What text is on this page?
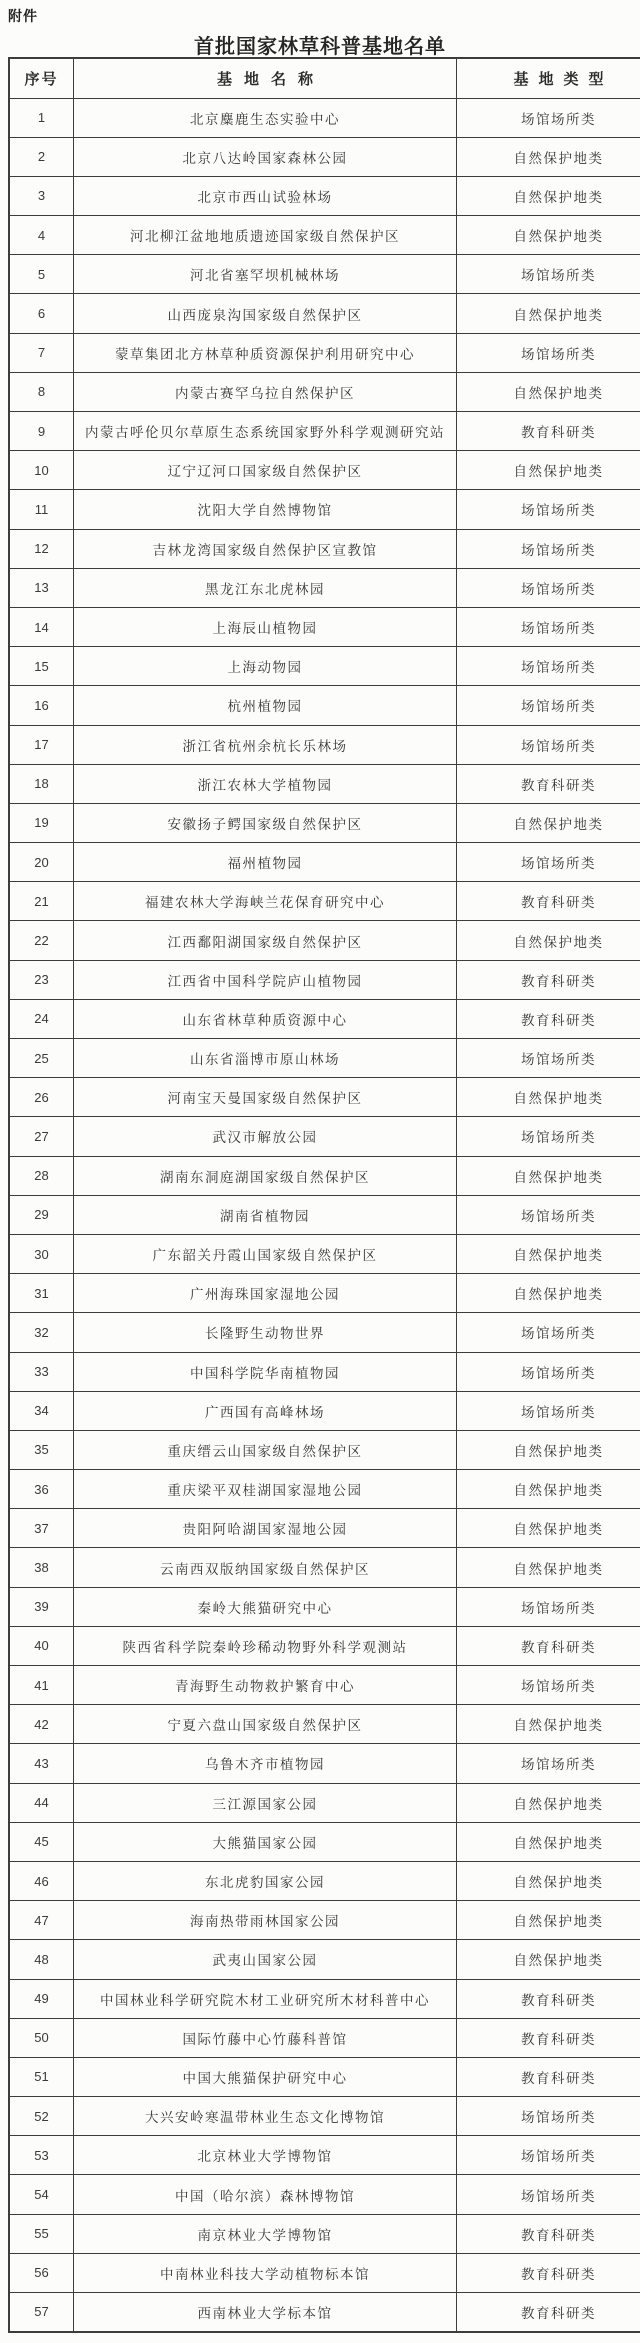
附件
首批国家林草科普基地名单
序号	基地名称	基地类型
1	北京麋鹿生态实验中心	场馆场所类
2	北京八达岭国家森林公园	自然保护地类
3	北京市西山试验林场	自然保护地类
4	河北柳江盆地地质遗迹国家级自然保护区	自然保护地类
5	河北省塞罕坝机械林场	场馆场所类
6	山西庞泉沟国家级自然保护区	自然保护地类
7	蒙草集团北方林草种质资源保护利用研究中心	场馆场所类
8	内蒙古赛罕乌拉自然保护区	自然保护地类
9	内蒙古呼伦贝尔草原生态系统国家野外科学观测研究站	教育科研类
10	辽宁辽河口国家级自然保护区	自然保护地类
11	沈阳大学自然博物馆	场馆场所类
12	吉林龙湾国家级自然保护区宣教馆	场馆场所类
13	黑龙江东北虎林园	场馆场所类
14	上海辰山植物园	场馆场所类
15	上海动物园	场馆场所类
16	杭州植物园	场馆场所类
17	浙江省杭州余杭长乐林场	场馆场所类
18	浙江农林大学植物园	教育科研类
19	安徽扬子鳄国家级自然保护区	自然保护地类
20	福州植物园	场馆场所类
21	福建农林大学海峡兰花保育研究中心	教育科研类
22	江西鄱阳湖国家级自然保护区	自然保护地类
23	江西省中国科学院庐山植物园	教育科研类
24	山东省林草种质资源中心	教育科研类
25	山东省淄博市原山林场	场馆场所类
26	河南宝天曼国家级自然保护区	自然保护地类
27	武汉市解放公园	场馆场所类
28	湖南东洞庭湖国家级自然保护区	自然保护地类
29	湖南省植物园	场馆场所类
30	广东韶关丹霞山国家级自然保护区	自然保护地类
31	广州海珠国家湿地公园	自然保护地类
32	长隆野生动物世界	场馆场所类
33	中国科学院华南植物园	场馆场所类
34	广西国有高峰林场	场馆场所类
35	重庆缙云山国家级自然保护区	自然保护地类
36	重庆梁平双桂湖国家湿地公园	自然保护地类
37	贵阳阿哈湖国家湿地公园	自然保护地类
38	云南西双版纳国家级自然保护区	自然保护地类
39	秦岭大熊猫研究中心	场馆场所类
40	陕西省科学院秦岭珍稀动物野外科学观测站	教育科研类
41	青海野生动物救护繁育中心	场馆场所类
42	宁夏六盘山国家级自然保护区	自然保护地类
43	乌鲁木齐市植物园	场馆场所类
44	三江源国家公园	自然保护地类
45	大熊猫国家公园	自然保护地类
46	东北虎豹国家公园	自然保护地类
47	海南热带雨林国家公园	自然保护地类
48	武夷山国家公园	自然保护地类
49	中国林业科学研究院木材工业研究所木材科普中心	教育科研类
50	国际竹藤中心竹藤科普馆	教育科研类
51	中国大熊猫保护研究中心	教育科研类
52	大兴安岭寒温带林业生态文化博物馆	场馆场所类
53	北京林业大学博物馆	场馆场所类
54	中国（哈尔滨）森林博物馆	场馆场所类
55	南京林业大学博物馆	教育科研类
56	中南林业科技大学动植物标本馆	教育科研类
57	西南林业大学标本馆	教育科研类
